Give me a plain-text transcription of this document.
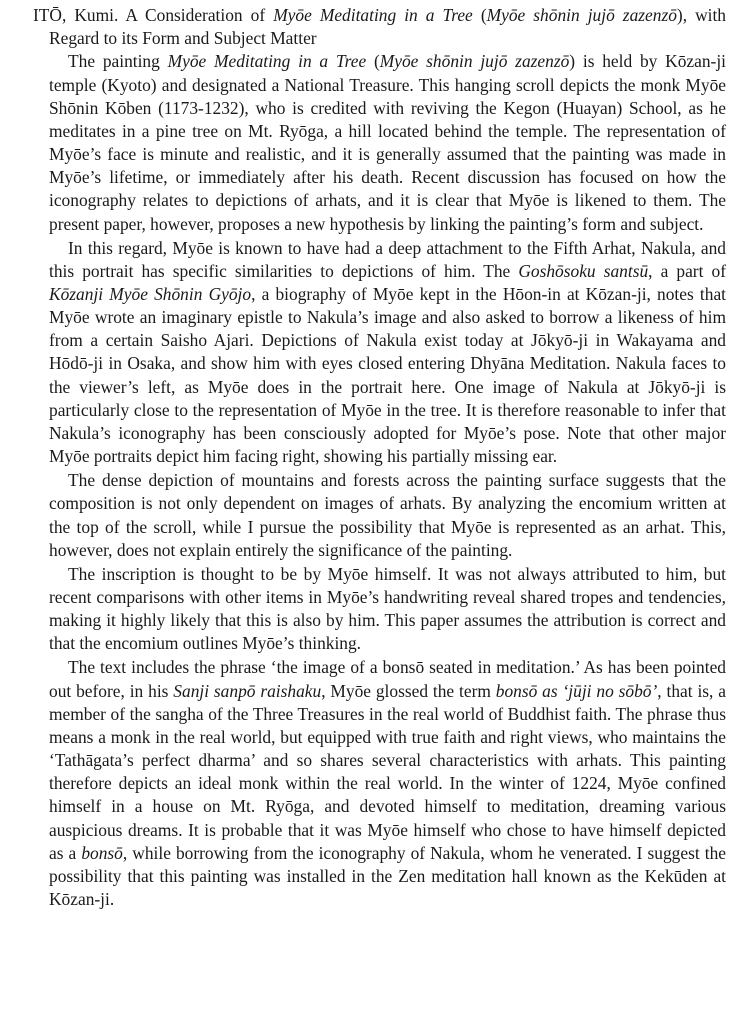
ITŌ, Kumi. A Consideration of Myōe Meditating in a Tree (Myōe shōnin jujō zazenzō), with Regard to its Form and Subject Matter

The painting Myōe Meditating in a Tree (Myōe shōnin jujō zazenzō) is held by Kōzan-ji temple (Kyoto) and designated a National Treasure. This hanging scroll depicts the monk Myōe Shōnin Kōben (1173-1232), who is credited with reviving the Kegon (Huayan) School, as he meditates in a pine tree on Mt. Ryōga, a hill located behind the temple. The representation of Myōe’s face is minute and realistic, and it is generally assumed that the painting was made in Myōe’s lifetime, or immediately after his death. Recent discussion has focused on how the iconography relates to depictions of arhats, and it is clear that Myōe is likened to them. The present paper, however, proposes a new hypothesis by linking the painting’s form and subject.

In this regard, Myōe is known to have had a deep attachment to the Fifth Arhat, Nakula, and this portrait has specific similarities to depictions of him. The Goshōsoku santsū, a part of Kōzanji Myōe Shōnin Gyōjo, a biography of Myōe kept in the Hōon-in at Kōzan-ji, notes that Myōe wrote an imaginary epistle to Nakula’s image and also asked to borrow a likeness of him from a certain Saisho Ajari. Depictions of Nakula exist today at Jōkyō-ji in Wakayama and Hōdō-ji in Osaka, and show him with eyes closed entering Dhyāna Meditation. Nakula faces to the viewer’s left, as Myōe does in the portrait here. One image of Nakula at Jōkyō-ji is particularly close to the representation of Myōe in the tree. It is therefore reasonable to infer that Nakula’s iconography has been consciously adopted for Myōe’s pose. Note that other major Myōe portraits depict him facing right, showing his partially missing ear.

The dense depiction of mountains and forests across the painting surface suggests that the composition is not only dependent on images of arhats. By analyzing the encomium written at the top of the scroll, while I pursue the possibility that Myōe is represented as an arhat. This, however, does not explain entirely the significance of the painting.

The inscription is thought to be by Myōe himself. It was not always attributed to him, but recent comparisons with other items in Myōe’s handwriting reveal shared tropes and tendencies, making it highly likely that this is also by him. This paper assumes the attribution is correct and that the encomium outlines Myōe’s thinking.

The text includes the phrase ‘the image of a bonsō seated in meditation.’ As has been pointed out before, in his Sanji sanpō raishaku, Myōe glossed the term bonsō as ‘jūji no sōbō’, that is, a member of the sangha of the Three Treasures in the real world of Buddhist faith. The phrase thus means a monk in the real world, but equipped with true faith and right views, who maintains the ‘Tathāgata’s perfect dharma’ and so shares several characteristics with arhats. This painting therefore depicts an ideal monk within the real world. In the winter of 1224, Myōe confined himself in a house on Mt. Ryōga, and devoted himself to meditation, dreaming various auspicious dreams. It is probable that it was Myōe himself who chose to have himself depicted as a bonsō, while borrowing from the iconography of Nakula, whom he venerated. I suggest the possibility that this painting was installed in the Zen meditation hall known as the Kekūden at Kōzan-ji.
